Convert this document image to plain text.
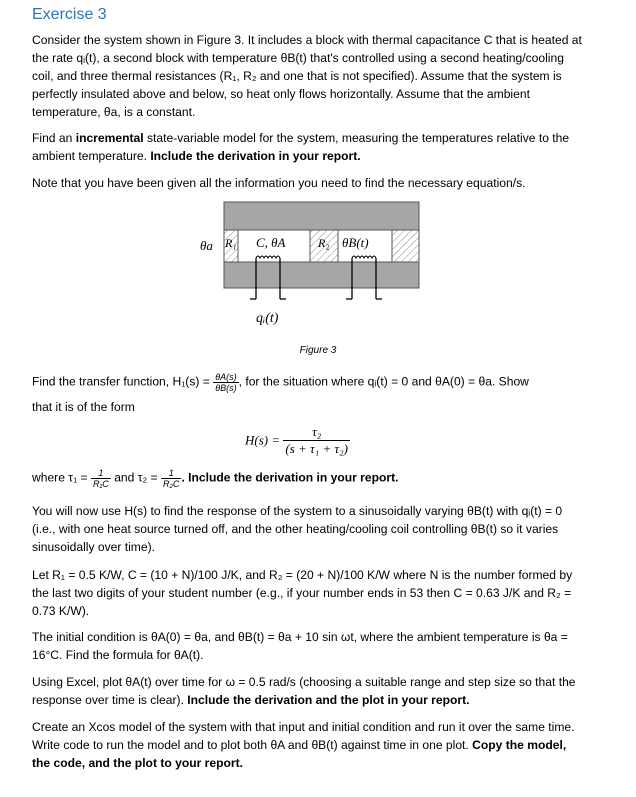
Exercise 3

Consider the system shown in Figure 3. It includes a block with thermal capacitance C that is heated at the rate qᵢ(t), a second block with temperature θB(t) that's controlled using a second heating/cooling coil, and three thermal resistances (R₁, R₂ and one that is not specified). Assume that the system is perfectly insulated above and below, so heat only flows horizontally. Assume that the ambient temperature, θa, is a constant.

Find an incremental state-variable model for the system, measuring the temperatures relative to the ambient temperature. Include the derivation in your report.

Note that you have been given all the information you need to find the necessary equation/s.

θa R₁ C, θA	R₂ θB(t)
qᵢ(t)
Figure 3
Find the transfer function, $H_1(s) = \frac{\theta A(s)}{\theta B(s)}$ , for the situation where qᵢ(t) = 0 and θA(0) = θa. Show

that it is of the form

$H(s) = \frac{\text{τ₂}}{\text{(s + τ₁ + τ₂)}}$
where $\tau_1 = \frac{1}{\text{R₁C}}$ and $\tau_2 = \frac{1}{\text{R₂C}}$ . Include the derivation in your report.

You will now use H(s) to find the response of the system to a sinusoidally varying θB(t) with qᵢ(t) = 0 (i.e., with one heat source turned off, and the other heating/cooling coil controlling θB(t) so it varies sinusoidally over time).

Let R₁ = 0.5 K/W, C = (10 + N)/100 J/K, and R₂ = (20 + N)/100 K/W where N is the number formed by the last two digits of your student number (e.g., if your number ends in 53 then C = 0.63 J/K and R₂ = 0.73 K/W).

The initial condition is θA(0) = θa, and θB(t) = θa + 10 sin ωt, where the ambient temperature is θa = 16°C. Find the formula for θA(t).

Using Excel, plot θA(t) over time for ω = 0.5 rad/s (choosing a suitable range and step size so that the response over time is clear). Include the derivation and the plot in your report.

Create an Xcos model of the system with that input and initial condition and run it over the same time. Write code to run the model and to plot both θA and θB(t) against time in one plot. Copy the model, the code, and the plot to your report.
